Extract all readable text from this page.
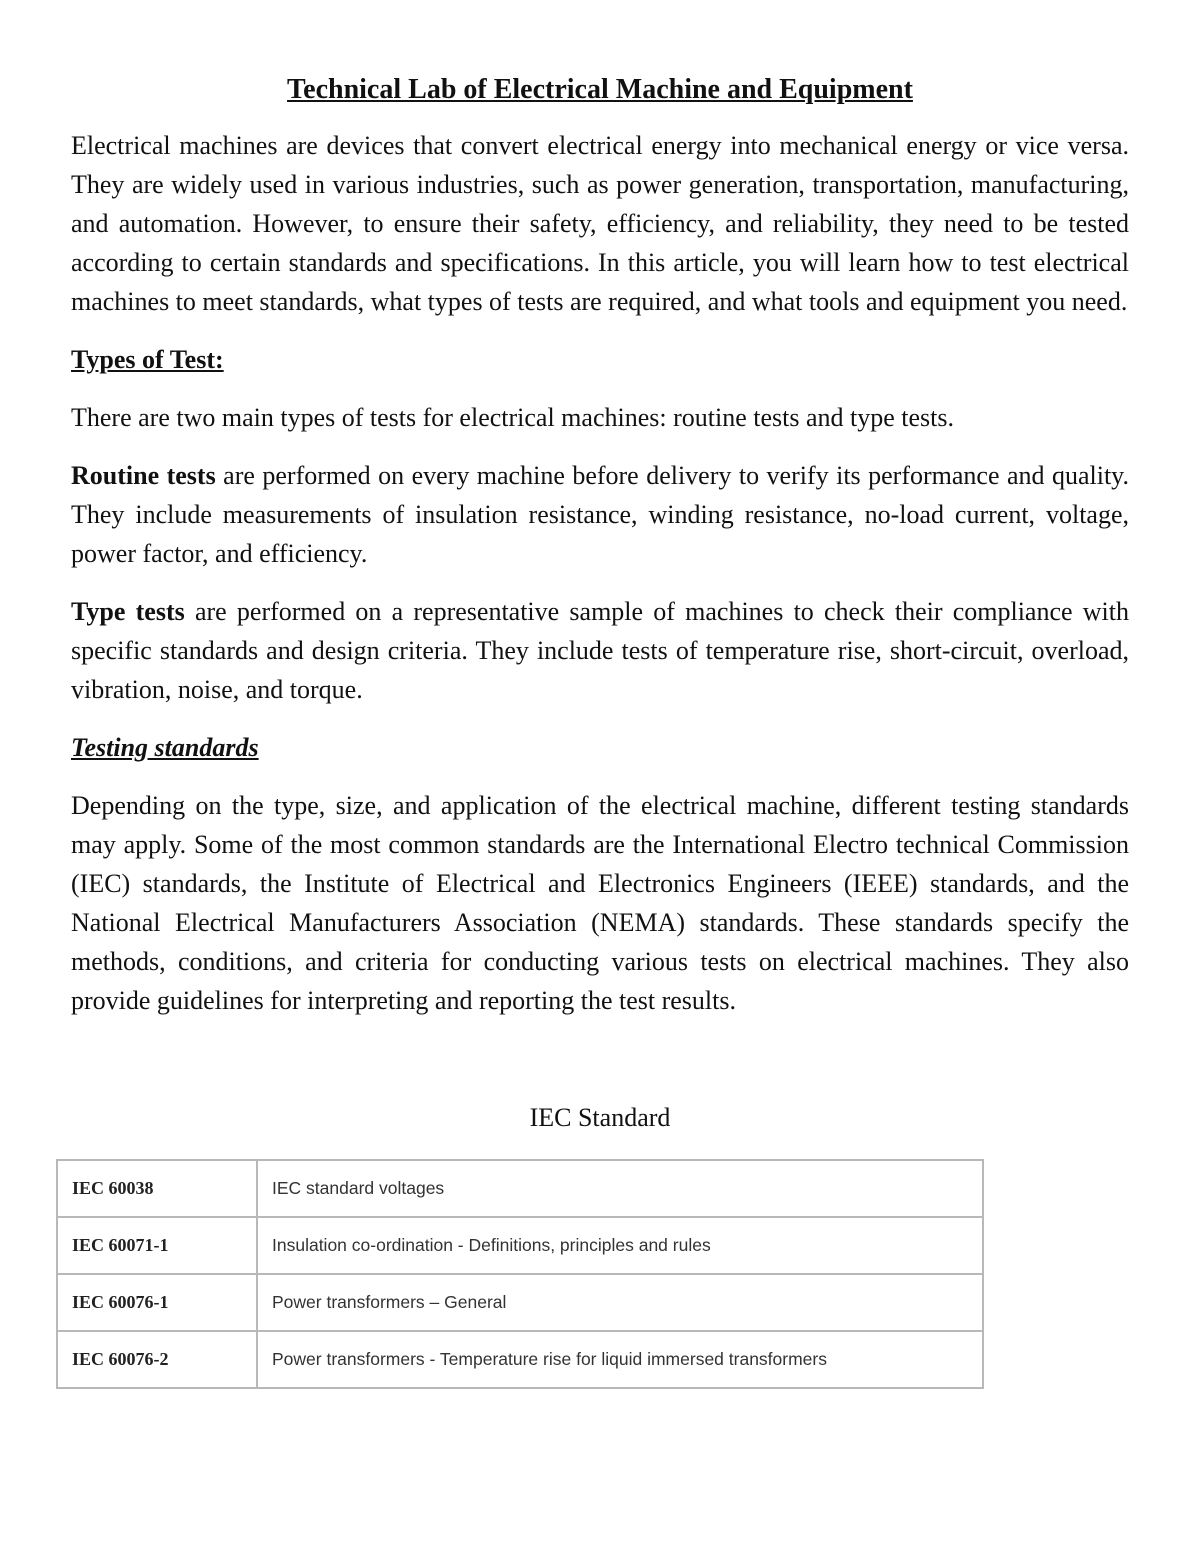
Technical Lab of Electrical Machine and Equipment

Electrical machines are devices that convert electrical energy into mechanical energy or vice versa. They are widely used in various industries, such as power generation, transportation, manufacturing, and automation. However, to ensure their safety, efficiency, and reliability, they need to be tested according to certain standards and specifications. In this article, you will learn how to test electrical machines to meet standards, what types of tests are required, and what tools and equipment you need.

Types of Test:

There are two main types of tests for electrical machines: routine tests and type tests.

Routine tests are performed on every machine before delivery to verify its performance and quality. They include measurements of insulation resistance, winding resistance, no-load current, voltage, power factor, and efficiency.

Type tests are performed on a representative sample of machines to check their compliance with specific standards and design criteria. They include tests of temperature rise, short-circuit, overload, vibration, noise, and torque.

Testing standards

Depending on the type, size, and application of the electrical machine, different testing standards may apply. Some of the most common standards are the International Electro technical Commission (IEC) standards, the Institute of Electrical and Electronics Engineers (IEEE) standards, and the National Electrical Manufacturers Association (NEMA) standards. These standards specify the methods, conditions, and criteria for conducting various tests on electrical machines. They also provide guidelines for interpreting and reporting the test results.

IEC Standard
IEC 60038	IEC standard voltages
IEC 60071-1	Insulation co-ordination - Definitions, principles and rules
IEC 60076-1	Power transformers – General
IEC 60076-2	Power transformers - Temperature rise for liquid immersed transformers
